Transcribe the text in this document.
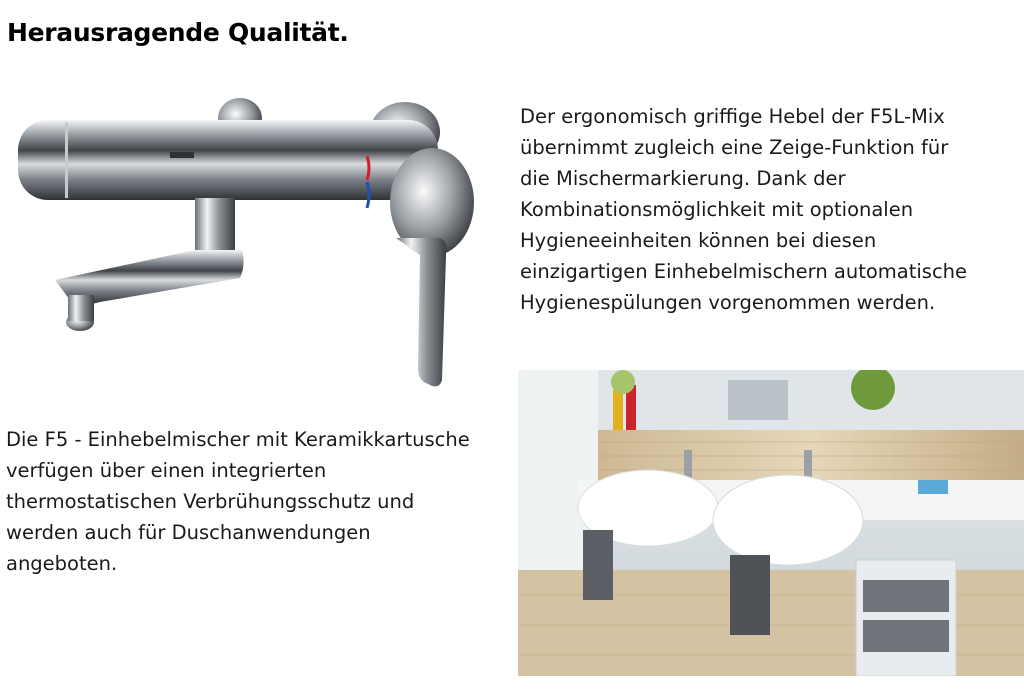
Herausragende Qualität.

Der ergonomisch griffige Hebel der F5L-Mix
übernimmt zugleich eine Zeige-Funktion für
die Mischermarkierung. Dank der
Kombinationsmöglichkeit mit optionalen
Hygieneeinheiten können bei diesen
einzigartigen Einhebelmischern automatische
Hygienespülungen vorgenommen werden.

Die F5 - Einhebelmischer mit Keramikkartusche
verfügen über einen integrierten
thermostatischen Verbrühungsschutz und
werden auch für Duschanwendungen
angeboten.
